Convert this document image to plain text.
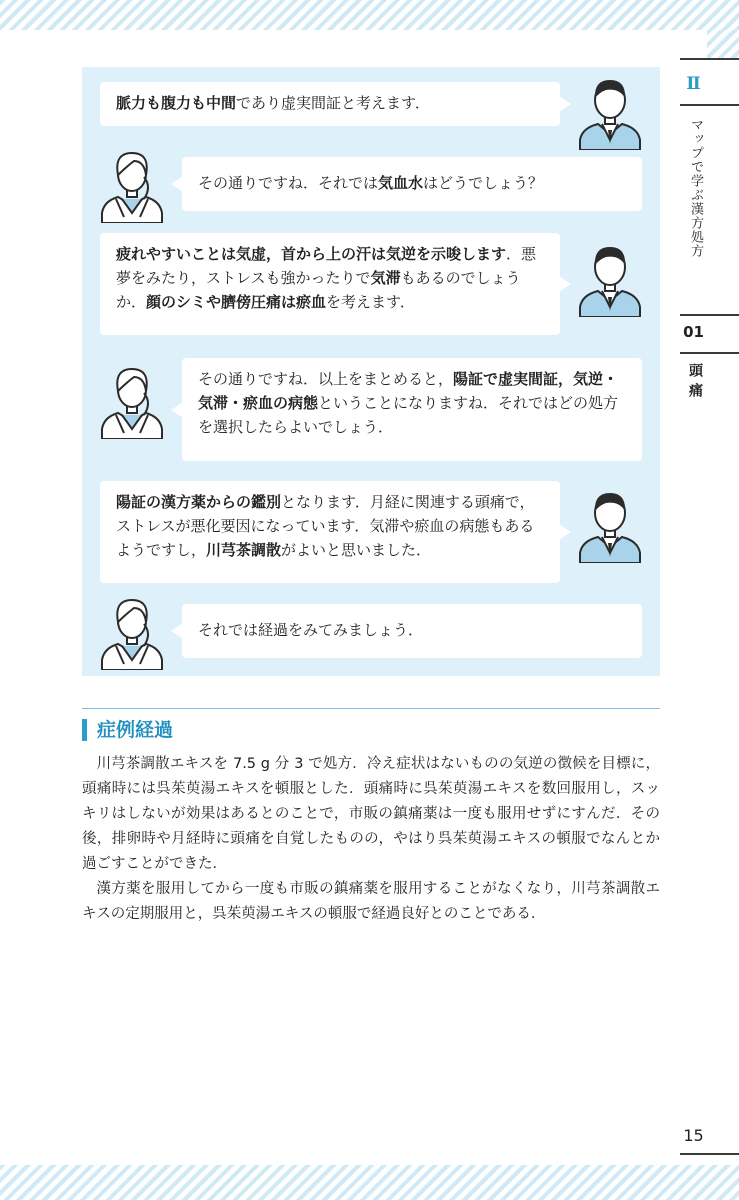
Ⅱ
マップで学ぶ漢方処方
01
頭痛
15
脈力も腹力も中間であり虚実間証と考えます．
その通りですね．それでは気血水はどうでしょう？
疲れやすいことは気虚，首から上の汗は気逆を示唆します．悪夢をみたり，ストレスも強かったりで気滞もあるのでしょうか．顔のシミや臍傍圧痛は瘀血を考えます．
その通りですね．以上をまとめると，陽証で虚実間証，気逆・気滞・瘀血の病態ということになりますね．それではどの処方を選択したらよいでしょう．
陽証の漢方薬からの鑑別となります．月経に関連する頭痛で，ストレスが悪化要因になっています．気滞や瘀血の病態もあるようですし，川芎茶調散がよいと思いました．
それでは経過をみてみましょう．
症例経過

川芎茶調散エキスを 7.5 g 分 3 で処方．冷え症状はないものの気逆の徴候を目標に，頭痛時には呉茱萸湯エキスを頓服とした．頭痛時に呉茱萸湯エキスを数回服用し，スッキリはしないが効果はあるとのことで，市販の鎮痛薬は一度も服用せずにすんだ．その後，排卵時や月経時に頭痛を自覚したものの，やはり呉茱萸湯エキスの頓服でなんとか過ごすことができた．

漢方薬を服用してから一度も市販の鎮痛薬を服用することがなくなり，川芎茶調散エキスの定期服用と，呉茱萸湯エキスの頓服で経過良好とのことである．
